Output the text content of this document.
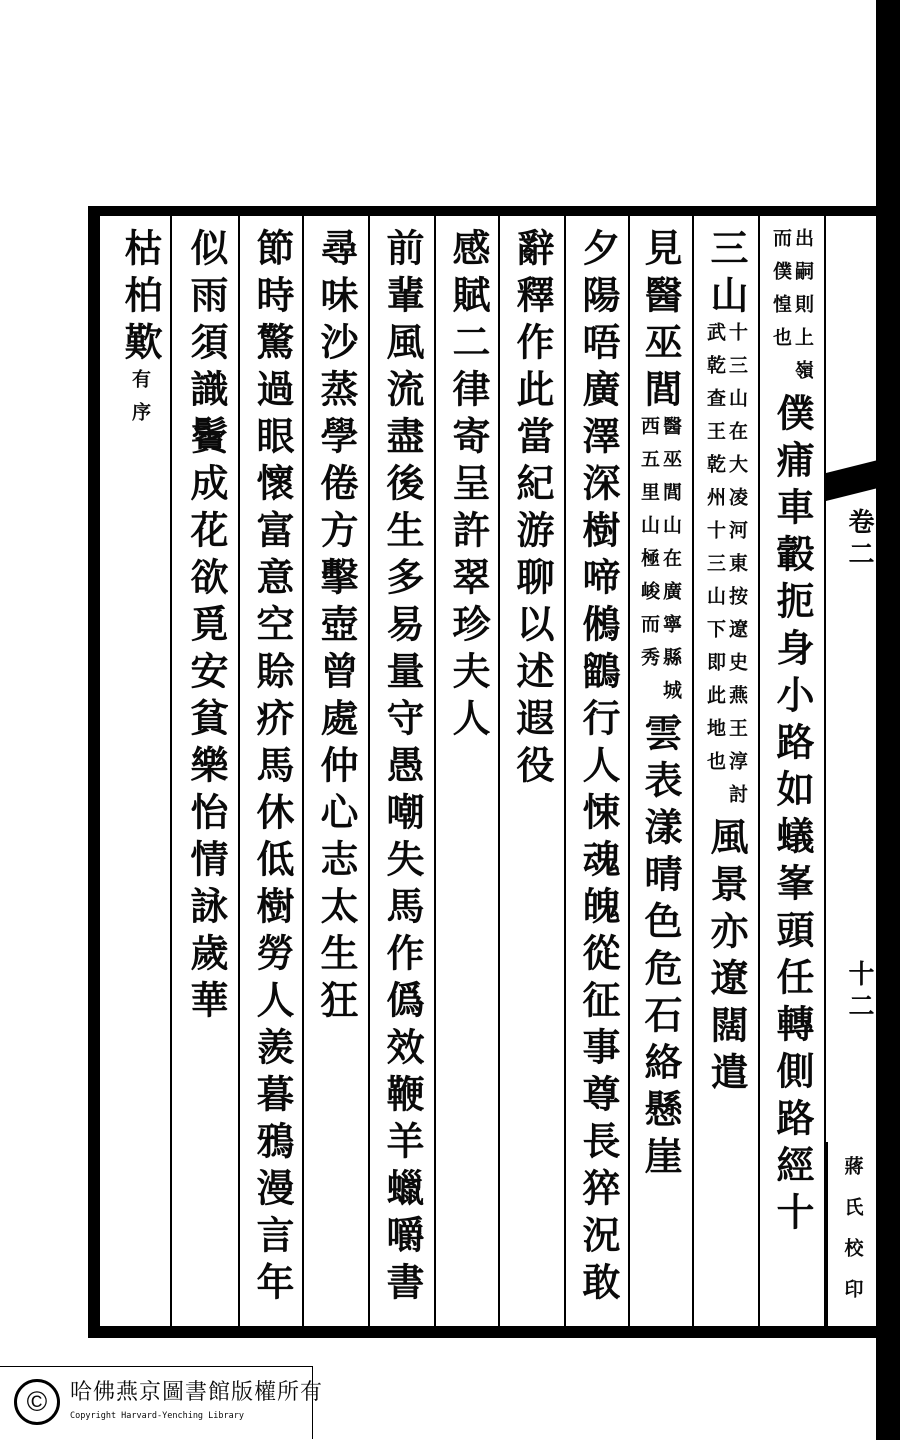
出嗣則上嶺
而僕惶也
僕痡車轂扼身小路如蟻峯頭任轉側路經十
三山
十三山在大凌河東按遼史燕王淳討
武乾查王乾州十三山下即此地也
風景亦遼闊遣
見醫巫閭
醫巫閭山在廣寧縣城
西五里山極峻而秀
雲表漾晴色危石絡懸崖
夕陽唔廣澤深樹啼鵂鶹行人悚魂魄從征事尊長猝況敢
辭釋作此當紀游聊以述遐役
感賦二律寄呈許翠珍夫人
前輩風流盡後生多易量守愚嘲失馬作僞效鞭羊蠟嚼書
尋味沙蒸學倦方擊壺曾處仲心志太生狂
節時驚過眼懷富意空賒疥馬休低樹勞人羨暮鴉漫言年
似雨須識鬢成花欲覓安貧樂怡情詠歲華
枯柏歎
有序
卷二
十二
蔣氏校印
©	哈佛燕京圖書館版權所有
Copyright Harvard-Yenching Library
